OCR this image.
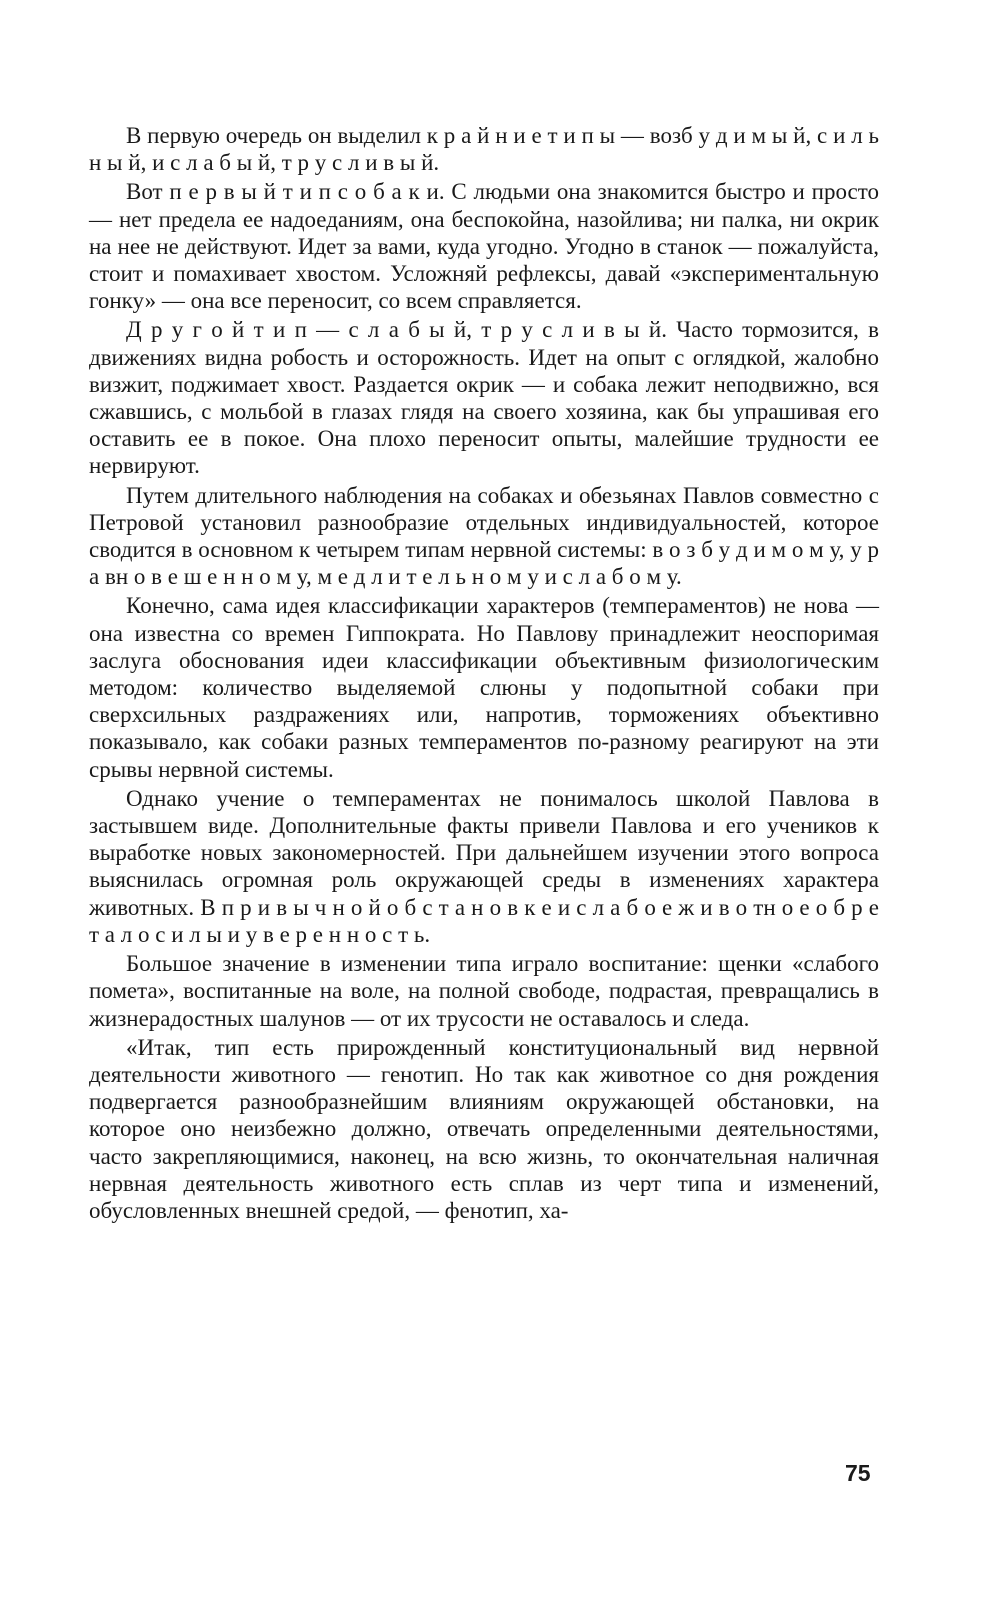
В первую очередь он выделил к р а й н и е т и п ы — возб у д и м ы й, с и л ь н ы й, и с л а б ы й, т р у с л и в ы й.

Вот п е р в ы й т и п с о б а к и. С людьми она знакомится быстро и просто — нет предела ее надоеданиям, она беспокойна, назойлива; ни палка, ни окрик на нее не действуют. Идет за вами, куда угодно. Угодно в станок — пожалуйста, стоит и помахивает хвостом. Усложняй рефлексы, давай «экспериментальную гонку» — она все переносит, со всем справляется.

Д р у г о й т и п — с л а б ы й, т р у с л и в ы й. Часто тормозится, в движениях видна робость и осторожность. Идет на опыт с оглядкой, жалобно визжит, поджимает хвост. Раздается окрик — и собака лежит неподвижно, вся сжавшись, с мольбой в глазах глядя на своего хозяина, как бы упрашивая его оставить ее в покое. Она плохо переносит опыты, малейшие трудности ее нервируют.

Путем длительного наблюдения на собаках и обезьянах Павлов совместно с Петровой установил разнообразие отдельных индивидуальностей, которое сводится в основном к четырем типам нервной системы: в о з б у д и м о м у, у р а вн о в е ш е н н о м у, м е д л и т е л ь н о м у и с л а б о м у.

Конечно, сама идея классификации характеров (темпераментов) не нова — она известна со времен Гиппократа. Но Павлову принадлежит неоспоримая заслуга обоснования идеи классификации объективным физиологическим методом: количество выделяемой слюны у подопытной собаки при сверхсильных раздражениях или, напротив, торможениях объективно показывало, как собаки разных темпераментов по-разному реагируют на эти срывы нервной системы.

Однако учение о темпераментах не понималось школой Павлова в застывшем виде. Дополнительные факты привели Павлова и его учеников к выработке новых закономерностей. При дальнейшем изучении этого вопроса выяснилась огромная роль окружающей среды в изменениях характера животных. В п р и в ы ч н о й о б с т а н о в к е и с л а б о е ж и в о тн о е о б р е т а л о с и л ы и у в е р е н н о с т ь.

Большое значение в изменении типа играло воспитание: щенки «слабого помета», воспитанные на воле, на полной свободе, подрастая, превращались в жизнерадостных шалунов — от их трусости не оставалось и следа.

«Итак, тип есть прирожденный конституциональный вид нервной деятельности животного — генотип. Но так как животное со дня рождения подвергается разнообразнейшим влияниям окружающей обстановки, на которое оно неизбежно должно, отвечать определенными деятельностями, часто закрепляющимися, наконец, на всю жизнь, то окончательная наличная нервная деятельность животного есть сплав из черт типа и изменений, обусловленных внешней средой, — фенотип, ха-

75
